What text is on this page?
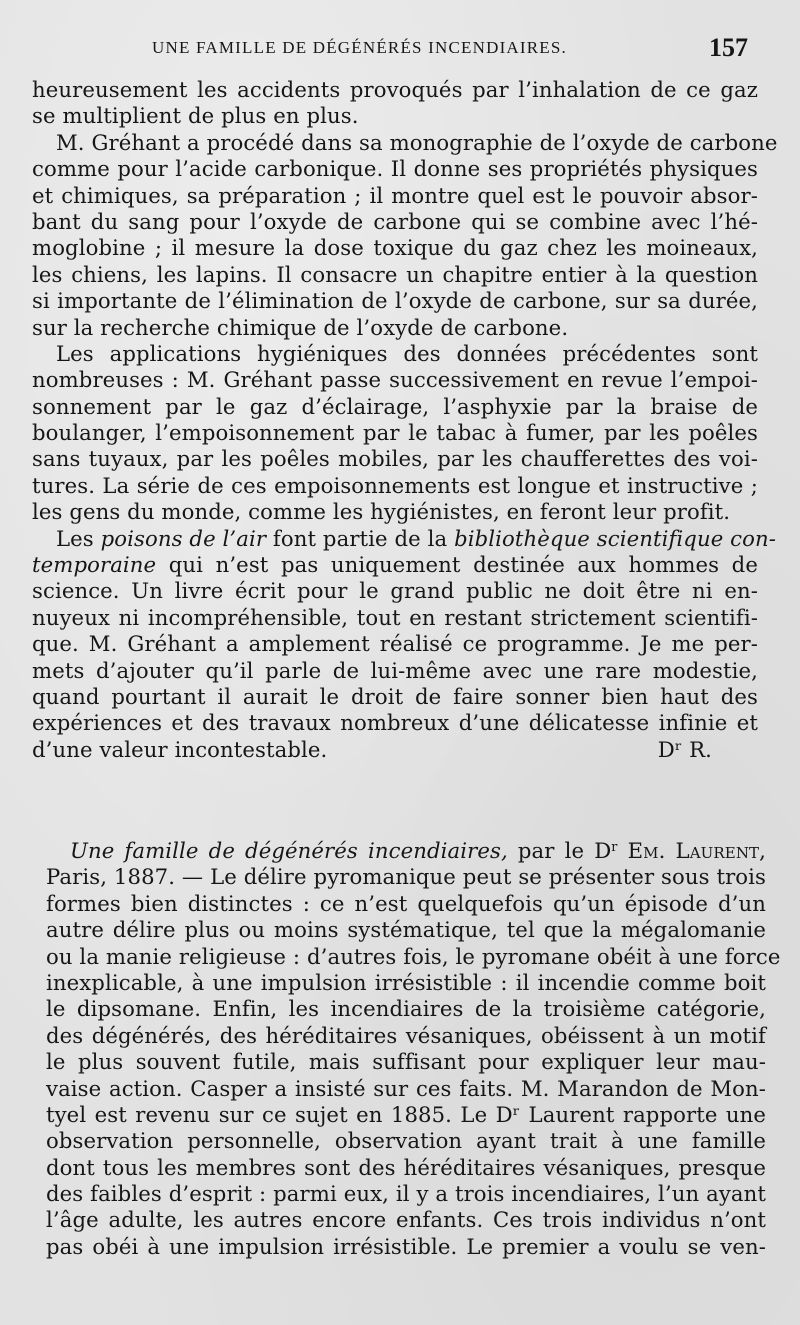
UNE FAMILLE DE DÉGÉNÉRÉS INCENDIAIRES.	157
heureusement les accidents provoqués par l’inhalation de ce gaz
se multiplient de plus en plus.
M. Gréhant a procédé dans sa monographie de l’oxyde de carbone
comme pour l’acide carbonique. Il donne ses propriétés physiques
et chimiques, sa préparation ; il montre quel est le pouvoir absor-
bant du sang pour l’oxyde de carbone qui se combine avec l’hé-
moglobine ; il mesure la dose toxique du gaz chez les moineaux,
les chiens, les lapins. Il consacre un chapitre entier à la question
si importante de l’élimination de l’oxyde de carbone, sur sa durée,
sur la recherche chimique de l’oxyde de carbone.
Les applications hygiéniques des données précédentes sont
nombreuses : M. Gréhant passe successivement en revue l’empoi-
sonnement par le gaz d’éclairage, l’asphyxie par la braise de
boulanger, l’empoisonnement par le tabac à fumer, par les poêles
sans tuyaux, par les poêles mobiles, par les chaufferettes des voi-
tures. La série de ces empoisonnements est longue et instructive ;
les gens du monde, comme les hygiénistes, en feront leur profit.
Les poisons de l’air font partie de la bibliothèque scientifique con-
temporaine qui n’est pas uniquement destinée aux hommes de
science. Un livre écrit pour le grand public ne doit être ni en-
nuyeux ni incompréhensible, tout en restant strictement scientifi-
que. M. Gréhant a amplement réalisé ce programme. Je me per-
mets d’ajouter qu’il parle de lui-même avec une rare modestie,
quand pourtant il aurait le droit de faire sonner bien haut des
expériences et des travaux nombreux d’une délicatesse infinie et
d’une valeur incontestable.	Dʳ R.
Une famille de dégénérés incendiaires, par le $D^r$ Em. Laurent,
Paris, 1887. — Le délire pyromanique peut se présenter sous trois
formes bien distinctes : ce n’est quelquefois qu’un épisode d’un
autre délire plus ou moins systématique, tel que la mégalomanie
ou la manie religieuse : d’autres fois, le pyromane obéit à une force
inexplicable, à une impulsion irrésistible : il incendie comme boit
le dipsomane. Enfin, les incendiaires de la troisième catégorie,
des dégénérés, des héréditaires vésaniques, obéissent à un motif
le plus souvent futile, mais suffisant pour expliquer leur mau-
vaise action. Casper a insisté sur ces faits. M. Marandon de Mon-
tyel est revenu sur ce sujet en 1885. Le Dʳ Laurent rapporte une
observation personnelle, observation ayant trait à une famille
dont tous les membres sont des héréditaires vésaniques, presque
des faibles d’esprit : parmi eux, il y a trois incendiaires, l’un ayant
l’âge adulte, les autres encore enfants. Ces trois individus n’ont
pas obéi à une impulsion irrésistible. Le premier a voulu se ven-
